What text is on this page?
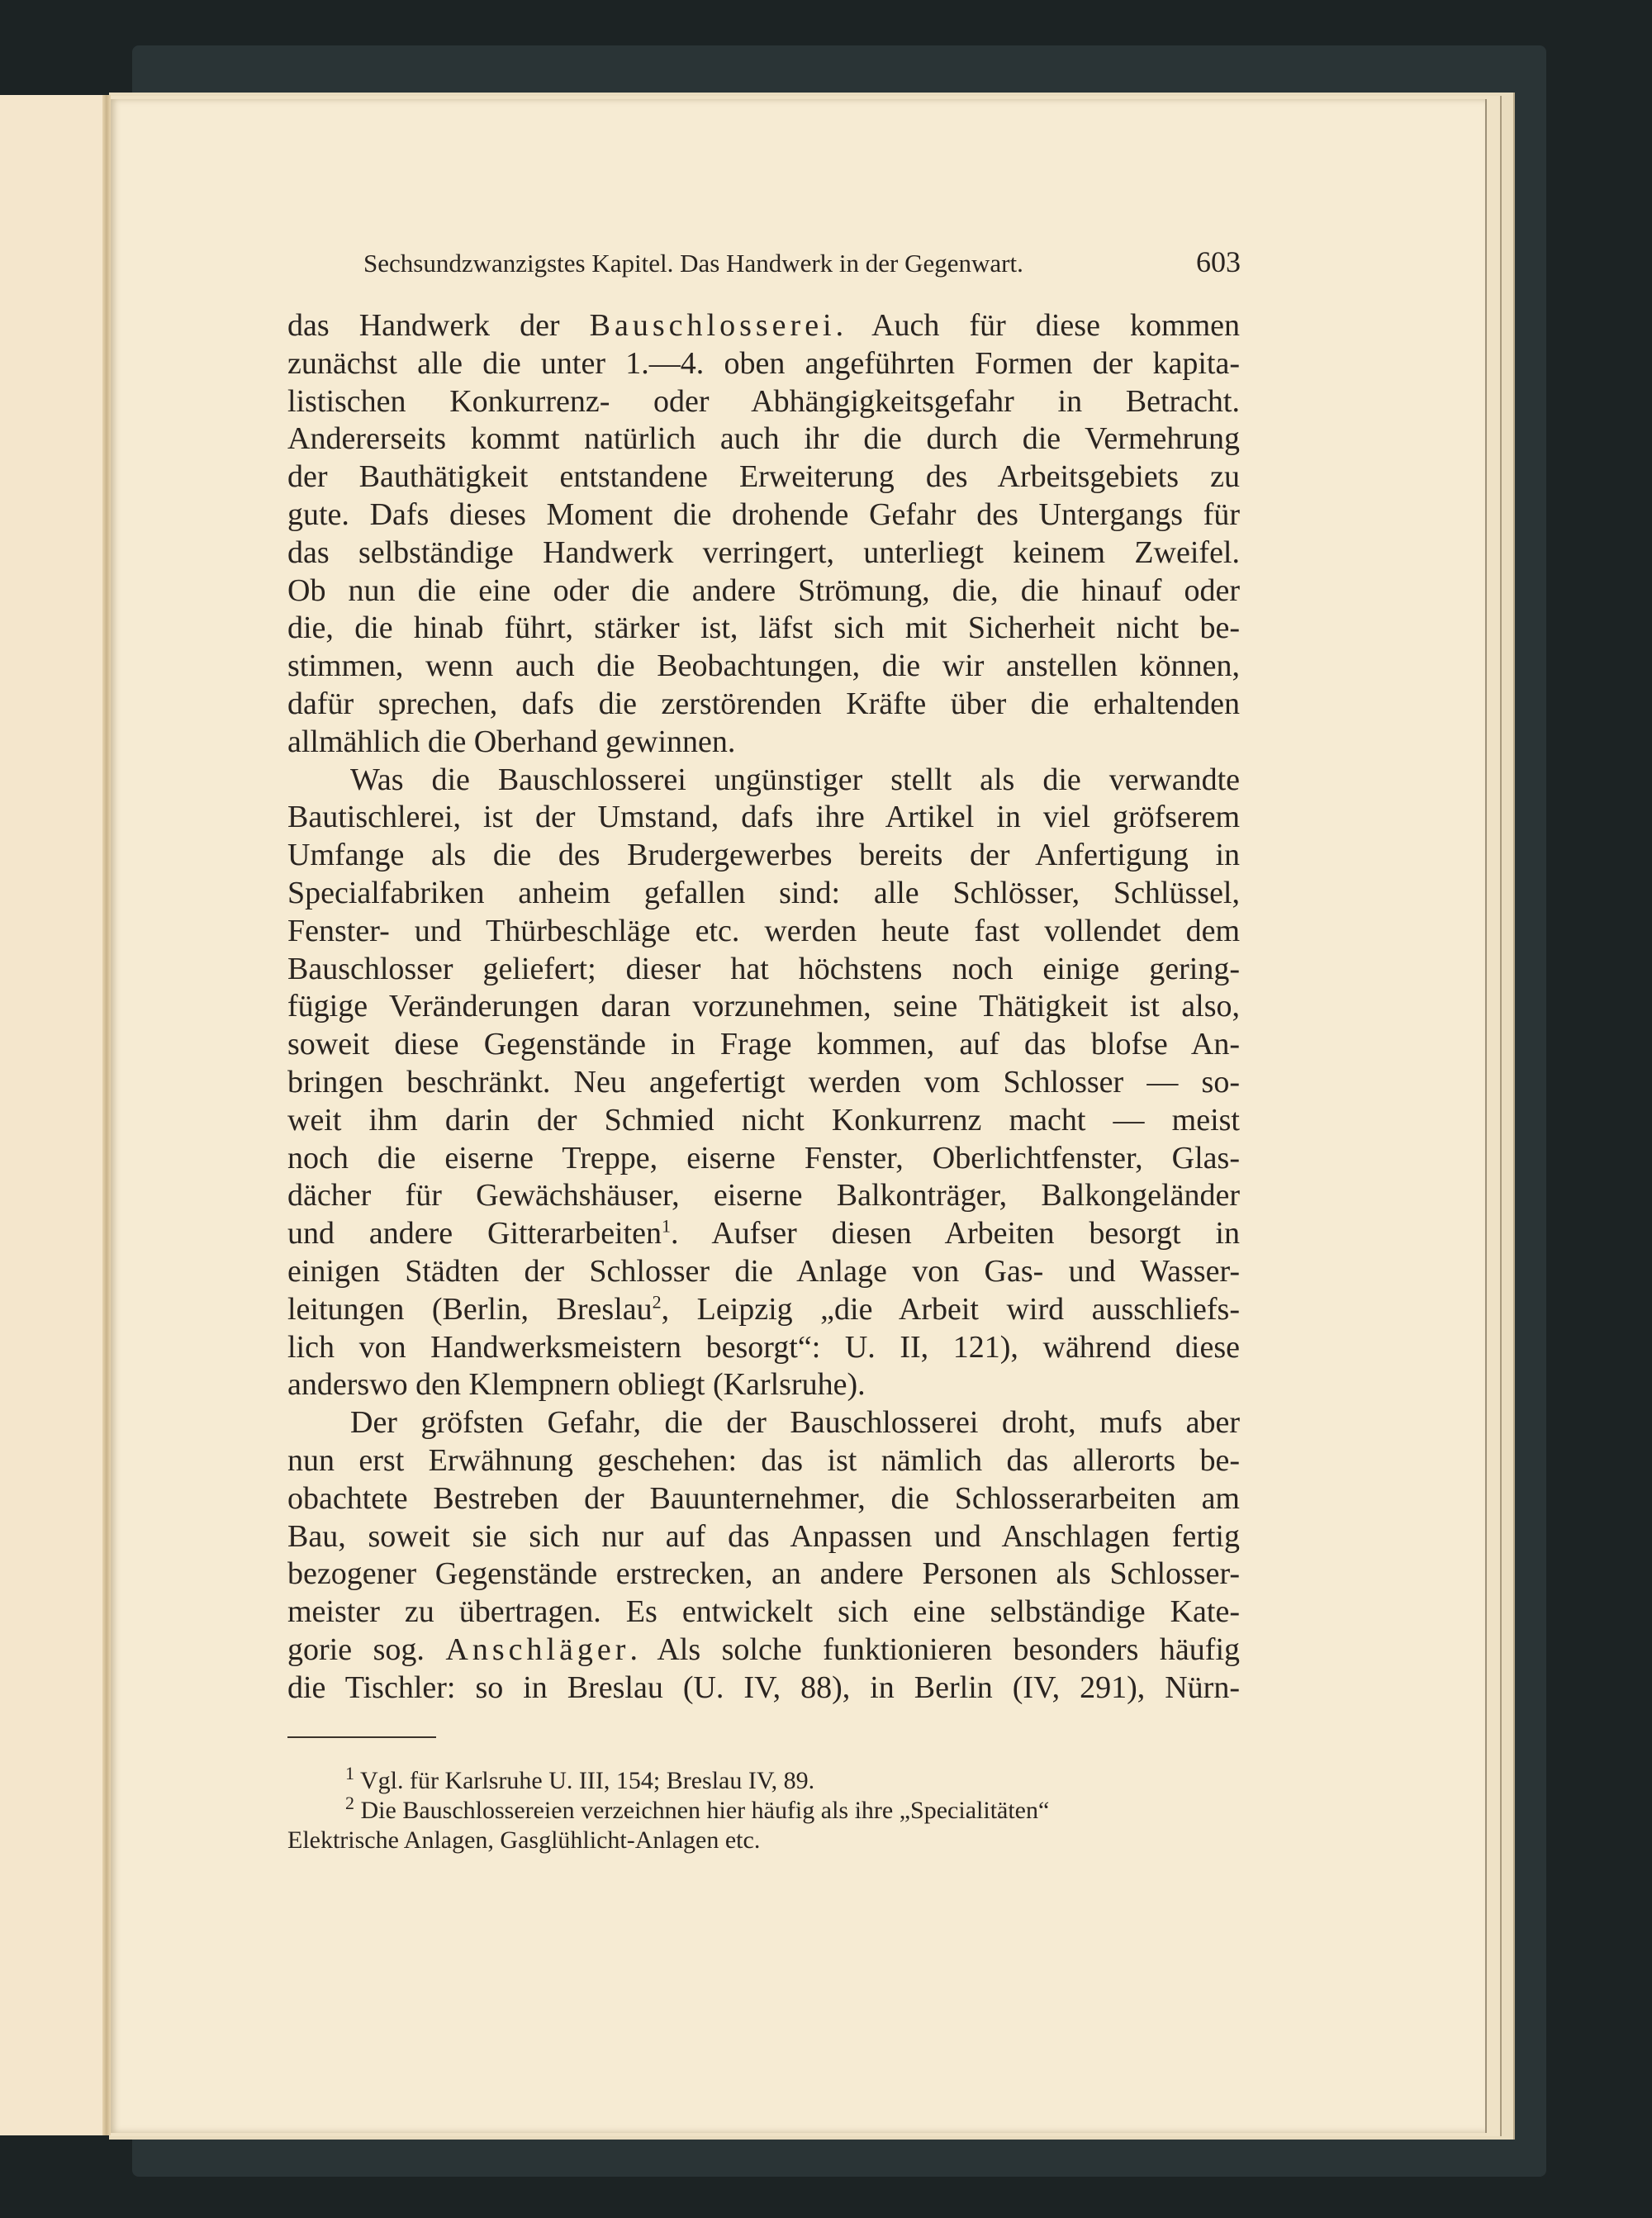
Sechsundzwanzigstes Kapitel. Das Handwerk in der Gegenwart.	603
das Handwerk der Bauschlosserei. Auch für diese kommen
zunächst alle die unter 1.—4. oben angeführten Formen der kapita-
listischen Konkurrenz- oder Abhängigkeitsgefahr in Betracht.
Andererseits kommt natürlich auch ihr die durch die Vermehrung
der Bauthätigkeit entstandene Erweiterung des Arbeitsgebiets zu
gute. Dafs dieses Moment die drohende Gefahr des Untergangs für
das selbständige Handwerk verringert, unterliegt keinem Zweifel.
Ob nun die eine oder die andere Strömung, die, die hinauf oder
die, die hinab führt, stärker ist, läfst sich mit Sicherheit nicht be-
stimmen, wenn auch die Beobachtungen, die wir anstellen können,
dafür sprechen, dafs die zerstörenden Kräfte über die erhaltenden
allmählich die Oberhand gewinnen.
Was die Bauschlosserei ungünstiger stellt als die verwandte
Bautischlerei, ist der Umstand, dafs ihre Artikel in viel gröfserem
Umfange als die des Brudergewerbes bereits der Anfertigung in
Specialfabriken anheim gefallen sind: alle Schlösser, Schlüssel,
Fenster- und Thürbeschläge etc. werden heute fast vollendet dem
Bauschlosser geliefert; dieser hat höchstens noch einige gering-
fügige Veränderungen daran vorzunehmen, seine Thätigkeit ist also,
soweit diese Gegenstände in Frage kommen, auf das blofse An-
bringen beschränkt. Neu angefertigt werden vom Schlosser — so-
weit ihm darin der Schmied nicht Konkurrenz macht — meist
noch die eiserne Treppe, eiserne Fenster, Oberlichtfenster, Glas-
dächer für Gewächshäuser, eiserne Balkonträger, Balkongeländer
und andere Gitterarbeiten$^1$. Aufser diesen Arbeiten besorgt in
einigen Städten der Schlosser die Anlage von Gas- und Wasser-
leitungen (Berlin, Breslau$^2$, Leipzig „die Arbeit wird ausschliefs-
lich von Handwerksmeistern besorgt“: U. II, 121), während diese
anderswo den Klempnern obliegt (Karlsruhe).
Der gröfsten Gefahr, die der Bauschlosserei droht, mufs aber
nun erst Erwähnung geschehen: das ist nämlich das allerorts be-
obachtete Bestreben der Bauunternehmer, die Schlosserarbeiten am
Bau, soweit sie sich nur auf das Anpassen und Anschlagen fertig
bezogener Gegenstände erstrecken, an andere Personen als Schlosser-
meister zu übertragen. Es entwickelt sich eine selbständige Kate-
gorie sog. Anschläger. Als solche funktionieren besonders häufig
die Tischler: so in Breslau (U. IV, 88), in Berlin (IV, 291), Nürn-
$^1$ Vgl. für Karlsruhe U. III, 154; Breslau IV, 89.
$^2$ Die Bauschlossereien verzeichnen hier häufig als ihre „Specialitäten“
Elektrische Anlagen, Gasglühlicht-Anlagen etc.
